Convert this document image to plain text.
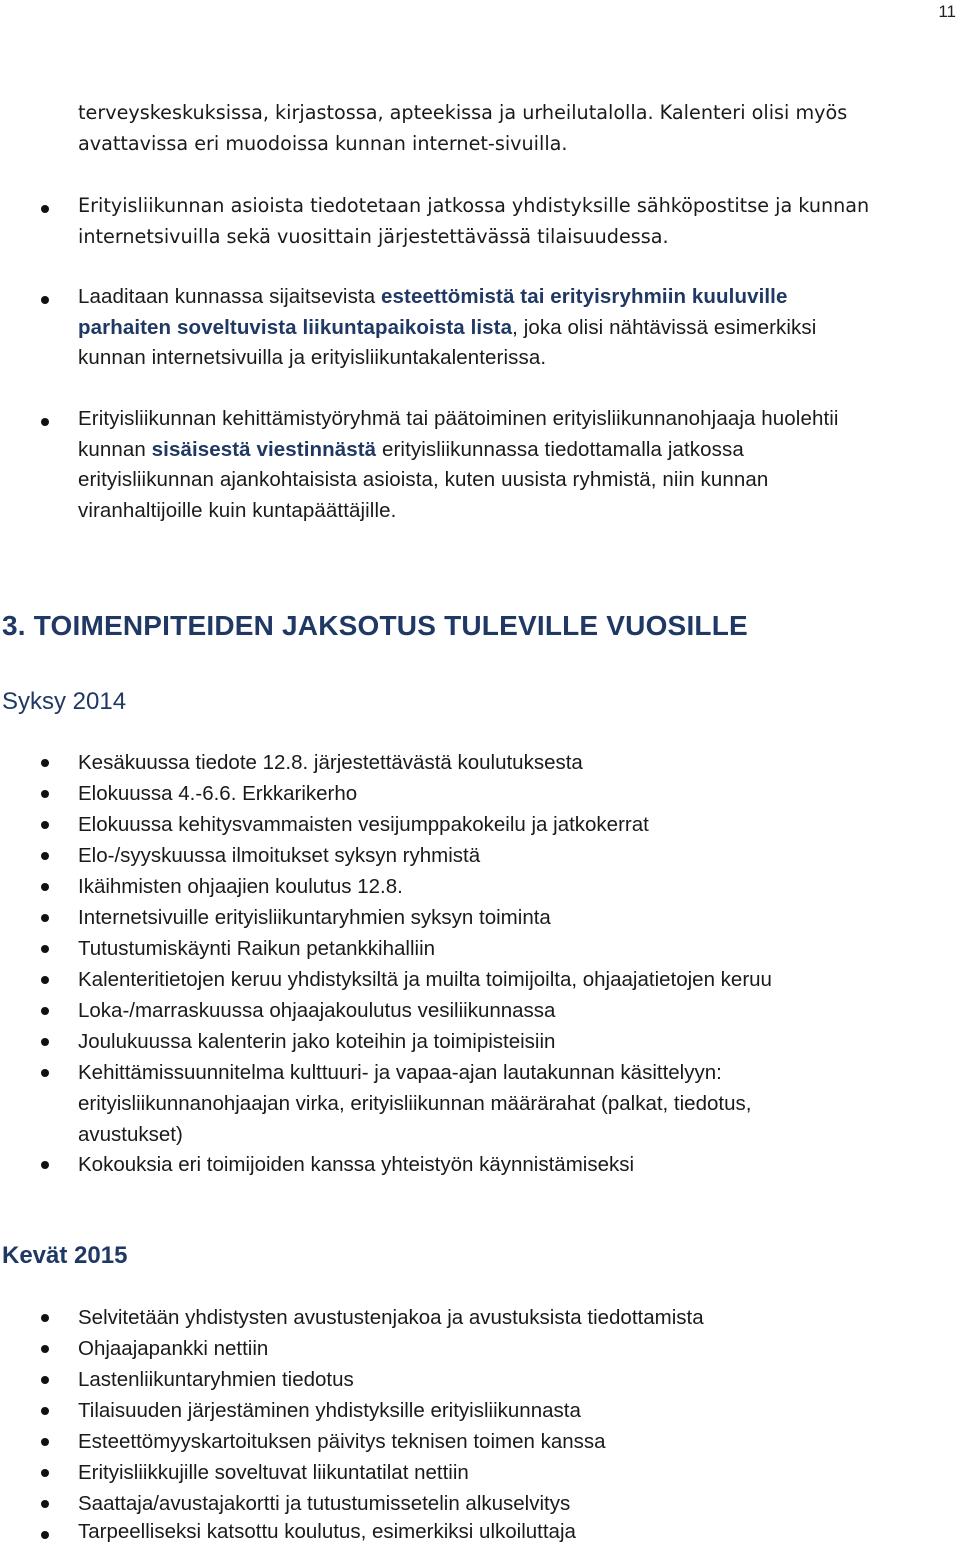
11
terveyskeskuksissa, kirjastossa, apteekissa ja urheilutalolla. Kalenteri olisi myös
avattavissa eri muodoissa kunnan internet-sivuilla.
Erityisliikunnan asioista tiedotetaan jatkossa yhdistyksille sähköpostitse ja kunnan
internetsivuilla sekä vuosittain järjestettävässä tilaisuudessa.
Laaditaan kunnassa sijaitsevista esteettömistä tai erityisryhmiin kuuluville
parhaiten soveltuvista liikuntapaikoista lista, joka olisi nähtävissä esimerkiksi
kunnan internetsivuilla ja erityisliikuntakalenterissa.
Erityisliikunnan kehittämistyöryhmä tai päätoiminen erityisliikunnanohjaaja huolehtii
kunnan sisäisestä viestinnästä erityisliikunnassa tiedottamalla jatkossa
erityisliikunnan ajankohtaisista asioista, kuten uusista ryhmistä, niin kunnan
viranhaltijoille kuin kuntapäättäjille.
3. TOIMENPITEIDEN JAKSOTUS TULEVILLE VUOSILLE
Syksy 2014
Kesäkuussa tiedote 12.8. järjestettävästä koulutuksesta
Elokuussa 4.-6.6. Erkkarikerho
Elokuussa kehitysvammaisten vesijumppakokeilu ja jatkokerrat
Elo-/syyskuussa ilmoitukset syksyn ryhmistä
Ikäihmisten ohjaajien koulutus 12.8.
Internetsivuille erityisliikuntaryhmien syksyn toiminta
Tutustumiskäynti Raikun petankkihalliin
Kalenteritietojen keruu yhdistyksiltä ja muilta toimijoilta, ohjaajatietojen keruu
Loka-/marraskuussa ohjaajakoulutus vesiliikunnassa
Joulukuussa kalenterin jako koteihin ja toimipisteisiin
Kehittämissuunnitelma kulttuuri- ja vapaa-ajan lautakunnan käsittelyyn:
erityisliikunnanohjaajan virka, erityisliikunnan määrärahat (palkat, tiedotus,
avustukset)
Kokouksia eri toimijoiden kanssa yhteistyön käynnistämiseksi
Kevät 2015
Selvitetään yhdistysten avustustenjakoa ja avustuksista tiedottamista
Ohjaajapankki nettiin
Lastenliikuntaryhmien tiedotus
Tilaisuuden järjestäminen yhdistyksille erityisliikunnasta
Esteettömyyskartoituksen päivitys teknisen toimen kanssa
Erityisliikkujille soveltuvat liikuntatilat nettiin
Saattaja/avustajakortti ja tutustumissetelin alkuselvitys
Tarpeelliseksi katsottu koulutus, esimerkiksi ulkoiluttaja
